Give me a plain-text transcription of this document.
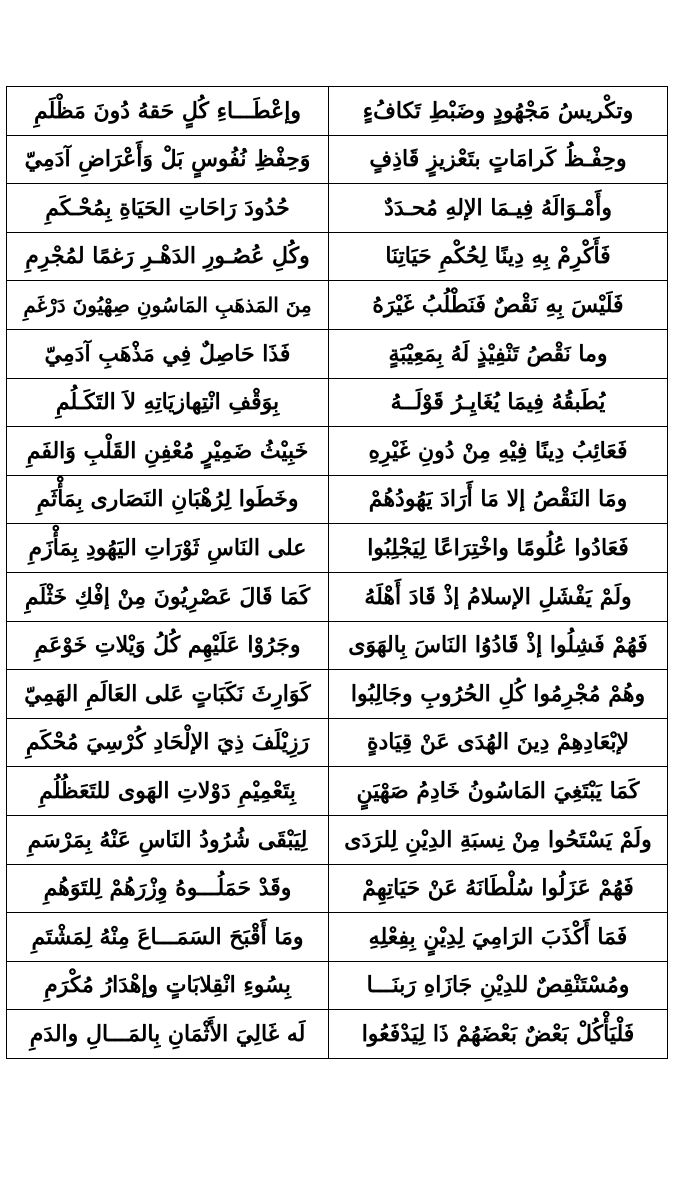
وتكْريسُ مَجْهُودٍ وضَبْطِ تَكافُءٍ	وإعْطَـــاءِ كُلٍ حَقهُ دُونَ مَظْلَمِ
وحِفْـظُ كَرامَاتٍ بتَعْزيزٍ قَاذِفٍ	وَحِفْظِ نُفُوسٍ بَلْ وَأَعْرَاضِ آدَمِيّ
وأَمْـوَالَهُ فِيـمَا الإلهِ مُحـدَدٌ	حُدُودَ رَاحَاتِ الحَيَاةِ بِمُحْـكَمِ
فَأَكْرِمْ بِهِ دِينًا لِحُكْمِ حَيَاتِنَا	وكُلِ عُصُـورِ الدَهْـرِ رَغمًا لمُجْرِمِ
فَلَيْسَ بِهِ نَقْصٌ فَنَطْلُبُ غَيْرَهُ	مِنَ المَذهَبِ المَاسُونِ صِهْيُونَ دَرْغَمِ
وما نَقْصُ تَنْفِيْذٍ لَهُ بِمَعِيْبَةٍ	فَذَا حَاصِلٌ فِي مَذْهَبِ آدَمِيّ
يُطَبقُهُ فِيمَا يُغَايِـرُ قَوْلَــهُ	بِوَقْفِ انْتِهازيَاتِهِ لاَ التَكَـلُمِ
فَعَائِبُ دِينًا فِيْهِ مِنْ دُونِ غَيْرِهِ	خَبِيْثُ ضَمِيْرٍ مُعْفِنِ القَلْبِ وَالفَمِ
ومَا النَقْصُ إلا مَا أَرَادَ يَهُودُهُمْ	وخَطَوا لِرُهْبَانِ النَصَارى بِمَأْثَمِ
فَعَادُوا عُلُومًا واخْتِرَاعًا لِيَجْلِبُوا	على النَاسِ ثَوْرَاتِ اليَهُودِ بِمَأْزَمِ
ولَمْ يَفْشَلِ الإسلامُ إذْ قَادَ أَهْلَهُ	كَمَا قَالَ عَصْرِيُونَ مِنْ إفْكِ خَثْلَمِ
فَهُمْ فَشِلُوا إذْ قَادُوُا النَاسَ بِالهَوَى	وجَرُوْا عَلَيْهِم كُلُ وَيْلاتِ خَوْعَمِ
وهُمْ مُجْرِمُوا كُلِ الحُرُوبِ وجَالِبُوا	كَوَارِثَ نَكَبَاتٍ عَلى العَالَمِ الهَمِيّ
لإبْعَادِهِمْ دِينَ الهُدَى عَنْ قِيَادةٍ	رَزِيْلَفَ ذِيَ الإلْحَادِ كُرْسِيَ مُحْكَمِ
كَمَا يَبْتَغِيَ المَاسُونُ خَادِمُ صَهْيَنٍ	بِتَعْمِيْمِ دَوْلاتِ الهَوى للتَعَظُلُمِ
ولَمْ يَسْتَحُوا مِنْ نِسبَةِ الدِيْنِ لِلرَدَى	لِيَبْقَى شُرُودُ النَاسِ عَنْهُ بِمَرْسَمِ
فَهُمْ عَزَلُوا سُلْطَانَهُ عَنْ حَيَاتِهِمْ	وقَدْ حَمَلُـــوهُ وِزْرَهُمْ لِلتَوَهُمِ
فَمَا أَكْذَبَ الرَامِيَ لِدِيْنٍ بِفِعْلِهِ	ومَا أَقْبَحَ السَمَـــاعَ مِنْهُ لِمَشْتَمِ
ومُسْتَنْقِصٌ للدِيْنِ جَازَاهِ رَبنَـــا	بِسُوءِ انْقِلابَاتٍ وإهْدَارُ مُكْرَمِ
فَلْيَأْكُلْ بَعْضٌ بَعْضَهُمْ ذَا لِيَدْفَعُوا	لَه غَالِيَ الأَثْمَانِ بِالمَـــالِ والدَمِ
